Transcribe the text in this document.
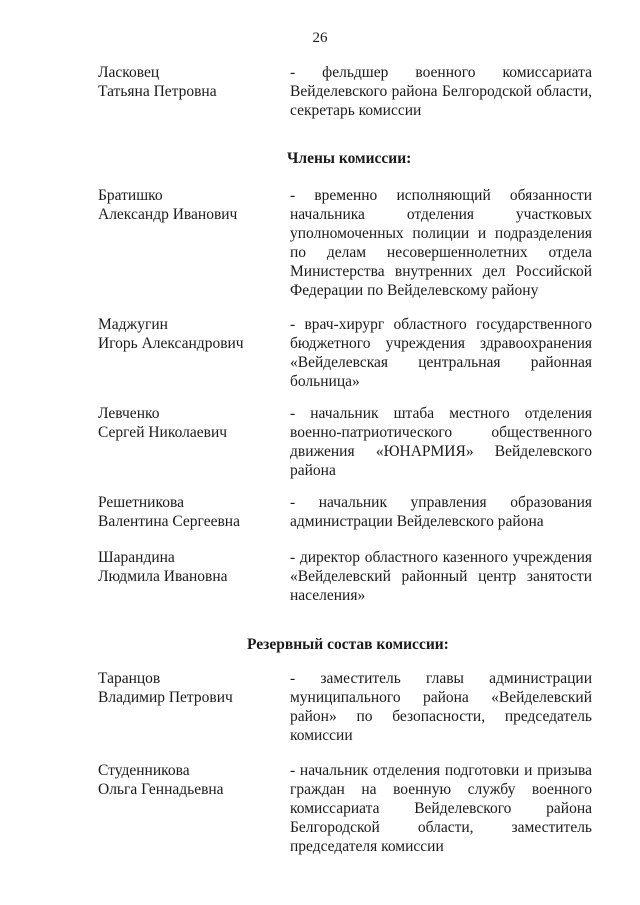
26
Ласковец
Татьяна Петровна
- фельдшер военного комиссариата Вейделевского района Белгородской области, секретарь комиссии
Члены комиссии:
Братишко
Александр Иванович
- временно исполняющий обязанности начальника отделения участковых уполномоченных полиции и подразделения по делам несовершеннолетних отдела Министерства внутренних дел Российской Федерации по Вейделевскому району
Маджугин
Игорь Александрович
- врач-хирург областного государственного бюджетного учреждения здравоохранения «Вейделевская центральная районная больница»
Левченко
Сергей Николаевич
- начальник штаба местного отделения военно-патриотического общественного движения «ЮНАРМИЯ» Вейделевского района
Решетникова
Валентина Сергеевна
- начальник управления образования администрации Вейделевского района
Шарандина
Людмила Ивановна
- директор областного казенного учреждения «Вейделевский районный центр занятости населения»
Резервный состав комиссии:
Таранцов
Владимир Петрович
- заместитель главы администрации муниципального района «Вейделевский район» по безопасности, председатель комиссии
Студенникова
Ольга Геннадьевна
- начальник отделения подготовки и призыва граждан на военную службу военного комиссариата Вейделевского района Белгородской области, заместитель председателя комиссии
